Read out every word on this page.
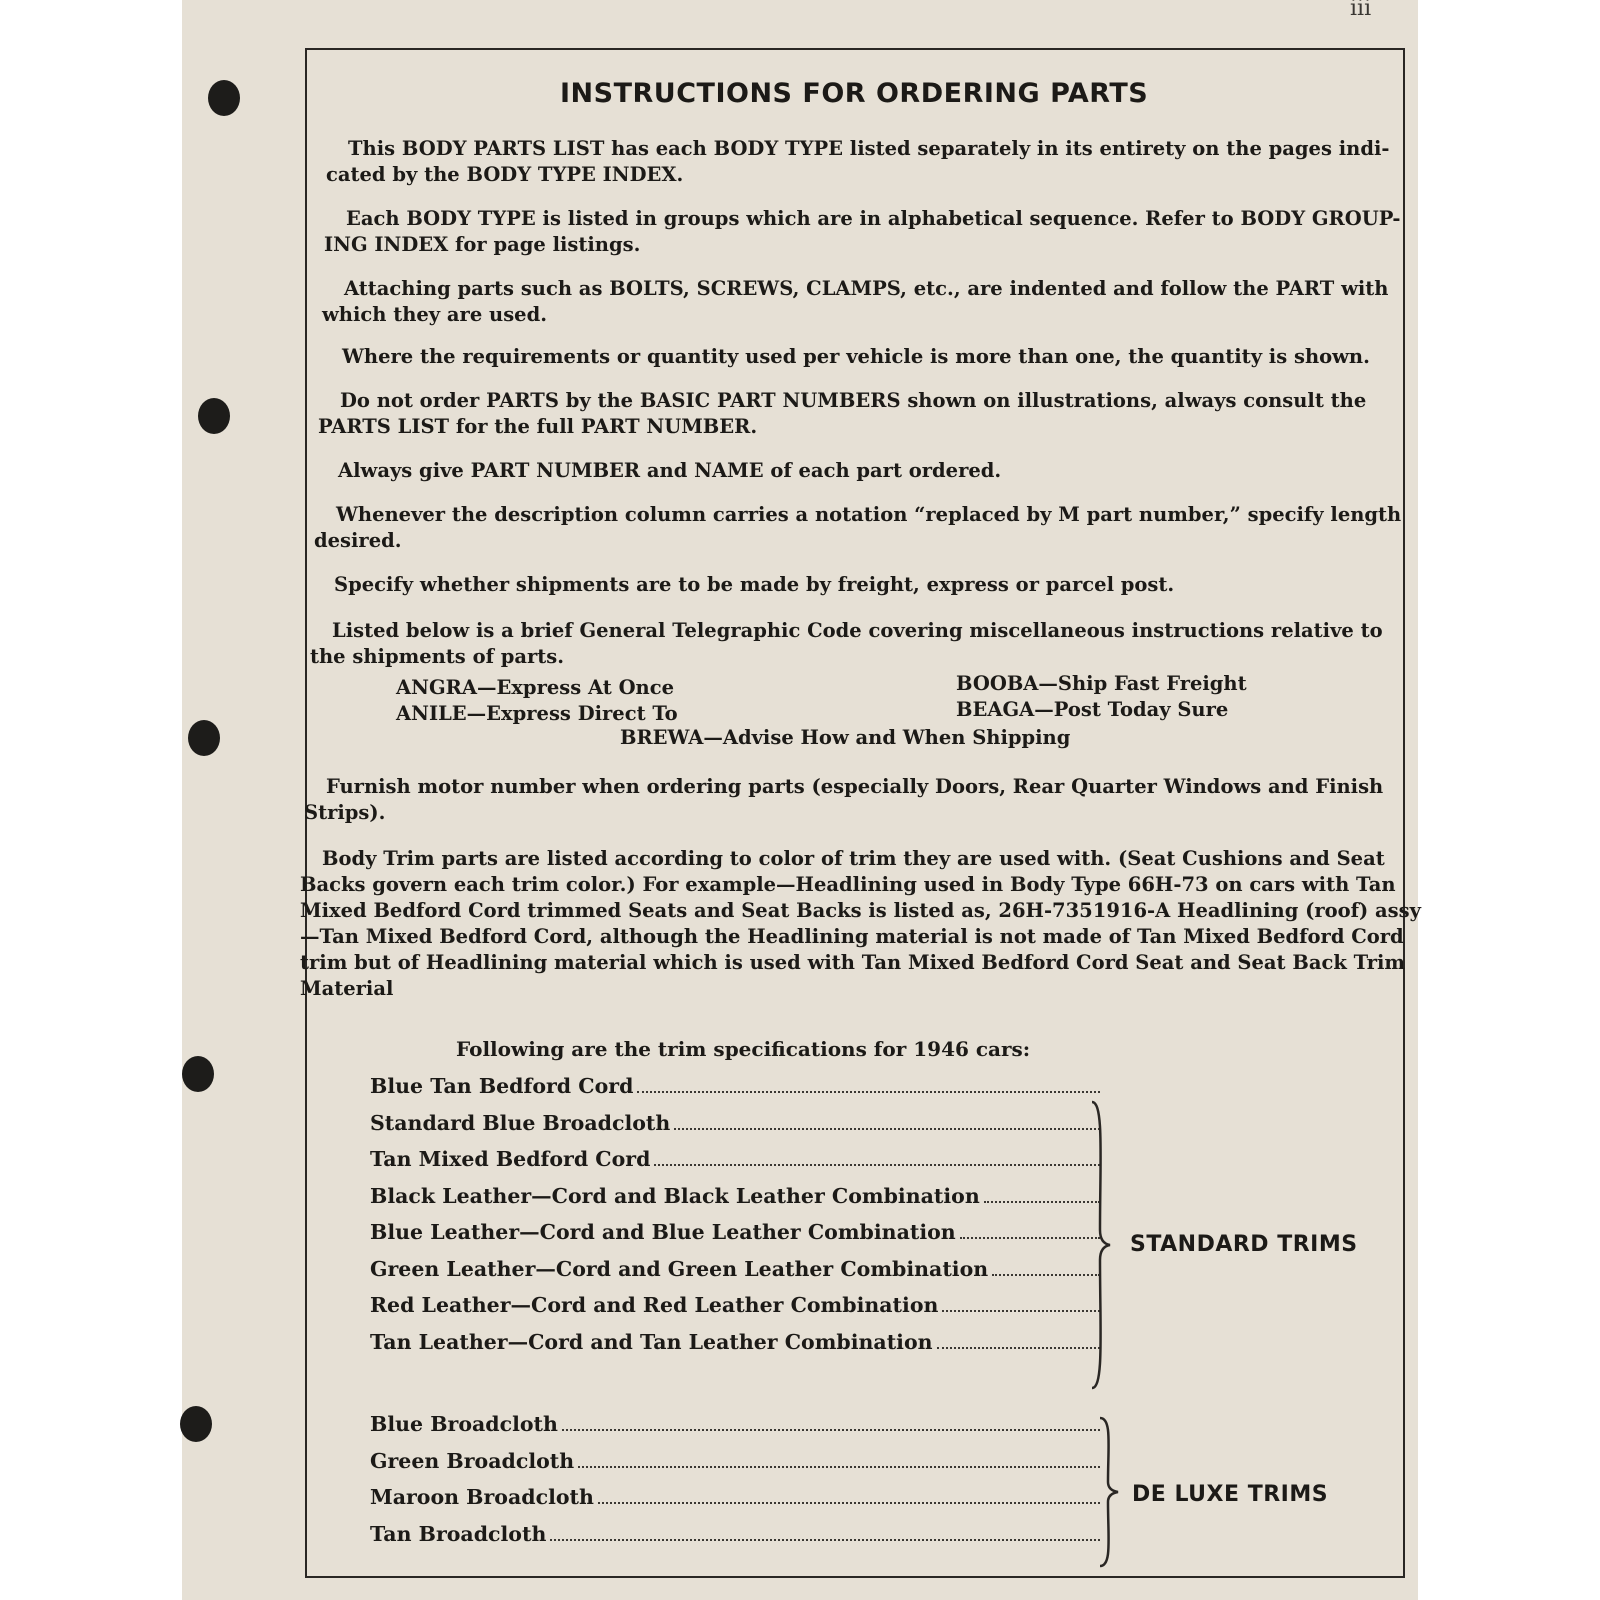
iii
INSTRUCTIONS FOR ORDERING PARTS
This BODY PARTS LIST has each BODY TYPE listed separately in its entirety on the pages indi-
cated by the BODY TYPE INDEX.
Each BODY TYPE is listed in groups which are in alphabetical sequence. Refer to BODY GROUP-
ING INDEX for page listings.
Attaching parts such as BOLTS, SCREWS, CLAMPS, etc., are indented and follow the PART with
which they are used.
Where the requirements or quantity used per vehicle is more than one, the quantity is shown.
Do not order PARTS by the BASIC PART NUMBERS shown on illustrations, always consult the
PARTS LIST for the full PART NUMBER.
Always give PART NUMBER and NAME of each part ordered.
Whenever the description column carries a notation “replaced by M part number,” specify length
desired.
Specify whether shipments are to be made by freight, express or parcel post.
Listed below is a brief General Telegraphic Code covering miscellaneous instructions relative to
the shipments of parts.
ANGRA—Express At Once
ANILE—Express Direct To
BOOBA—Ship Fast Freight
BEAGA—Post Today Sure
BREWA—Advise How and When Shipping
Furnish motor number when ordering parts (especially Doors, Rear Quarter Windows and Finish
Strips).
Body Trim parts are listed according to color of trim they are used with. (Seat Cushions and Seat
Backs govern each trim color.) For example—Headlining used in Body Type 66H-73 on cars with Tan
Mixed Bedford Cord trimmed Seats and Seat Backs is listed as, 26H-7351916-A Headlining (roof) assy
—Tan Mixed Bedford Cord, although the Headlining material is not made of Tan Mixed Bedford Cord
trim but of Headlining material which is used with Tan Mixed Bedford Cord Seat and Seat Back Trim
Material
Following are the trim specifications for 1946 cars:
Blue Tan Bedford Cord
Standard Blue Broadcloth
Tan Mixed Bedford Cord
Black Leather—Cord and Black Leather Combination
Blue Leather—Cord and Blue Leather Combination
Green Leather—Cord and Green Leather Combination
Red Leather—Cord and Red Leather Combination
Tan Leather—Cord and Tan Leather Combination
STANDARD TRIMS
Blue Broadcloth
Green Broadcloth
Maroon Broadcloth
Tan Broadcloth
DE LUXE TRIMS
